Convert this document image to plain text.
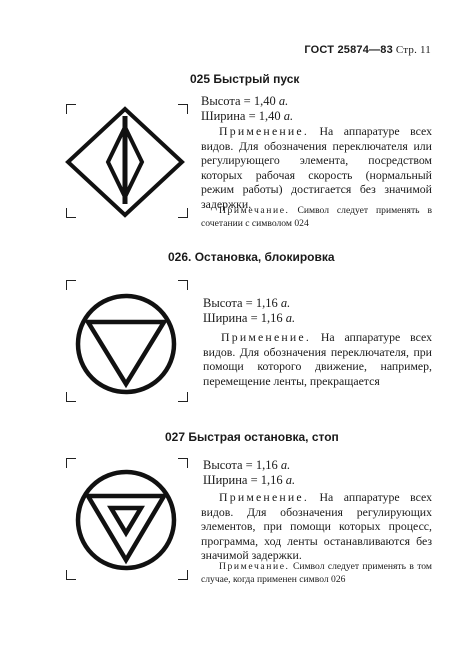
ГОСТ 25874—83 Стр. 11
025 Быстрый пуск
Высота = 1,40 a.
Ширина = 1,40 a.
Применение. На аппаратуре всех видов. Для обозначения переключателя или регулирующего элемента, посредством которых рабочая скорость (нормальный режим работы) достигается без значимой задержки.
Примечание. Символ следует применять в сочетании с символом 024
026. Остановка, блокировка
Высота = 1,16 a.
Ширина = 1,16 a.
Применение. На аппаратуре всех видов. Для обозначения переключателя, при помощи которого движение, например, перемещение ленты, прекращается
027 Быстрая остановка, стоп
Высота = 1,16 a.
Ширина = 1,16 a.
Применение. На аппаратуре всех видов. Для обозначения регулирующих элементов, при помощи которых процесс, программа, ход ленты останавливаются без значимой задержки.
Примечание. Символ следует применять в том случае, когда применен символ 026
